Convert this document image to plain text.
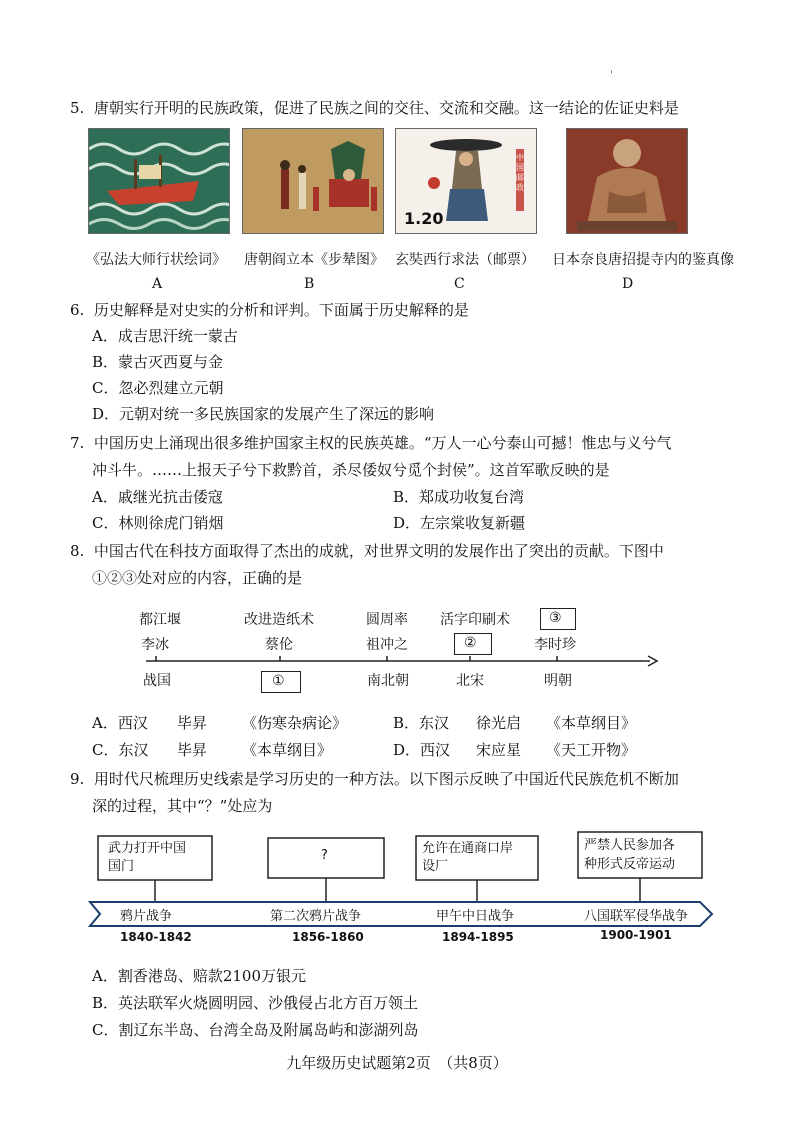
'
5. 唐朝实行开明的民族政策，促进了民族之间的交往、交流和交融。这一结论的佐证史料是
1.20
中国邮政
《弘法大师行状绘词》 唐朝阎立本《步辇图》 玄奘西行求法（邮票） 日本奈良唐招提寺内的鉴真像
A	B	C	D
6. 历史解释是对史实的分析和评判。下面属于历史解释的是
A．成吉思汗统一蒙古
B．蒙古灭西夏与金
C．忽必烈建立元朝
D．元朝对统一多民族国家的发展产生了深远的影响
7. 中国历史上涌现出很多维护国家主权的民族英雄。“万人一心兮泰山可撼！惟忠与义兮气
冲斗牛。……上报天子兮下救黔首，杀尽倭奴兮觅个封侯”。这首军歌反映的是
A．戚继光抗击倭寇	B．郑成功收复台湾
C．林则徐虎门销烟	D．左宗棠收复新疆
8. 中国古代在科技方面取得了杰出的成就，对世界文明的发展作出了突出的贡献。下图中
①②③处对应的内容，正确的是
都江堰	改进造纸术	圆周率 活字印刷术	③
李冰	蔡伦	祖冲之	②	李时珍
战国	①	南北朝	北宋	明朝
A．西汉 毕昇 《伤寒杂病论》	B．东汉 徐光启 《本草纲目》
C．东汉 毕昇 《本草纲目》	D．西汉 宋应星 《天工开物》
9. 用时代尺梳理历史线索是学习历史的一种方法。以下图示反映了中国近代民族危机不断加
深的过程，其中“？”处应为
武力打开中国
国门
?	允许在通商口岸
设厂
严禁人民参加各
种形式反帝运动
鸦片战争	第二次鸦片战争	甲午中日战争	八国联军侵华战争
1840-1842	1856-1860	1894-1895	1900-1901
A．割香港岛、赔款2100万银元
B．英法联军火烧圆明园、沙俄侵占北方百万领土
C．割辽东半岛、台湾全岛及附属岛屿和澎湖列岛
九年级历史试题第2页　（共8页）
